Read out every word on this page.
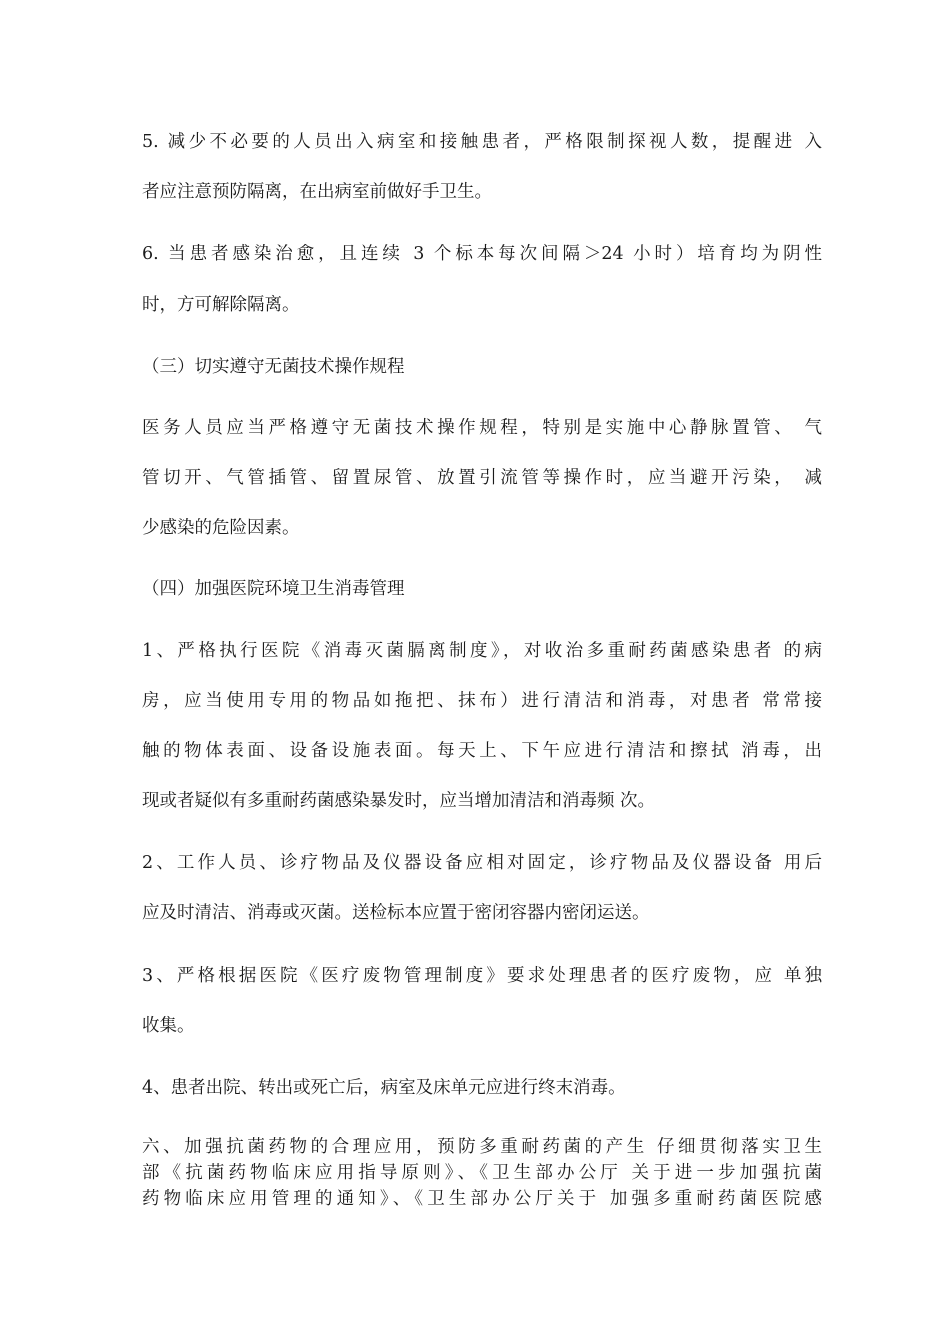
5. 减少不必要的人员出入病室和接触患者，严格限制探视人数，提醒进 入
者应注意预防隔离，在出病室前做好手卫生。
6. 当患者感染治愈，且连续 3 个标本每次间隔＞24 小时）培育均为阴性
时，方可解除隔离。
（三）切实遵守无菌技术操作规程
医务人员应当严格遵守无菌技术操作规程，特别是实施中心静脉置管、 气
管切开、气管插管、留置尿管、放置引流管等操作时，应当避开污染， 减
少感染的危险因素。
（四）加强医院环境卫生消毒管理
1、严格执行医院《消毒灭菌膈离制度》，对收治多重耐药菌感染患者 的病
房，应当使用专用的物品如拖把、抹布）进行清洁和消毒，对患者 常常接
触的物体表面、设备设施表面。每天上、下午应进行清洁和擦拭 消毒，出
现或者疑似有多重耐药菌感染暴发时，应当增加清洁和消毒频 次。
2、工作人员、诊疗物品及仪器设备应相对固定，诊疗物品及仪器设备 用后
应及时清洁、消毒或灭菌。送检标本应置于密闭容器内密闭运送。
3、严格根据医院《医疗废物管理制度》要求处理患者的医疗废物，应 单独
收集。
4、患者出院、转出或死亡后，病室及床单元应进行终末消毒。
六、加强抗菌药物的合理应用，预防多重耐药菌的产生 仔细贯彻落实卫生
部《抗菌药物临床应用指导原则》、《卫生部办公厅 关于进一步加强抗菌
药物临床应用管理的通知》、《卫生部办公厅关于 加强多重耐药菌医院感
